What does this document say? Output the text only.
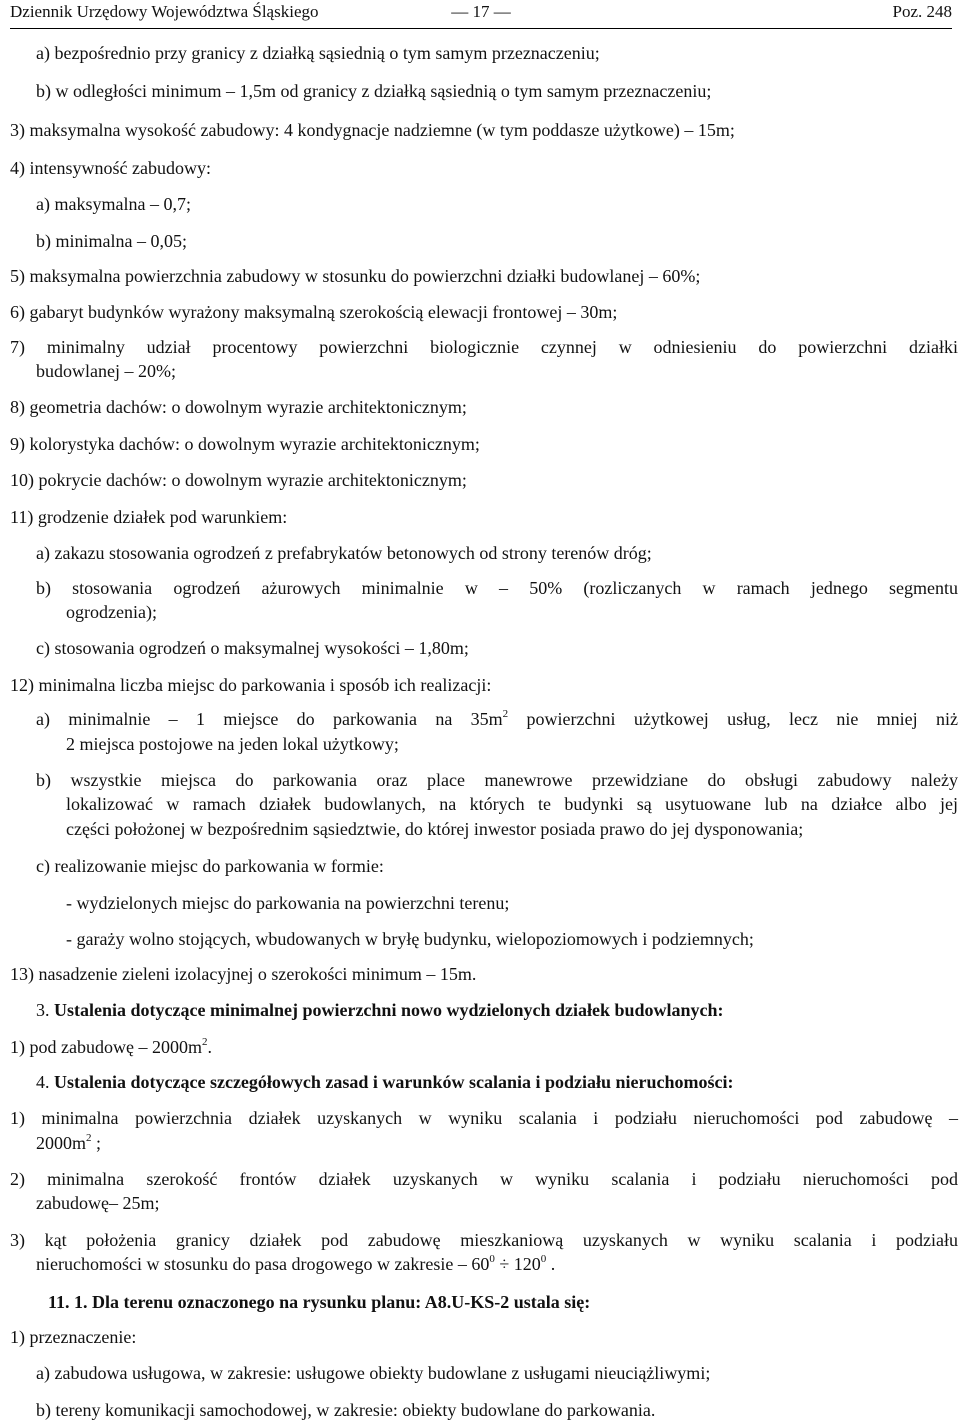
Dziennik Urzędowy Województwa Śląskiego	— 17 —	Poz. 248
a) bezpośrednio przy granicy z działką sąsiednią o tym samym przeznaczeniu;
b) w odległości minimum – 1,5m od granicy z działką sąsiednią o tym samym przeznaczeniu;
3) maksymalna wysokość zabudowy: 4 kondygnacje nadziemne (w tym poddasze użytkowe) – 15m;
4) intensywność zabudowy:
a) maksymalna – 0,7;
b) minimalna – 0,05;
5) maksymalna powierzchnia zabudowy w stosunku do powierzchni działki budowlanej – 60%;
6) gabaryt budynków wyrażony maksymalną szerokością elewacji frontowej – 30m;
7) minimalny udział procentowy powierzchni biologicznie czynnej w odniesieniu do powierzchni działki
budowlanej – 20%;
8) geometria dachów: o dowolnym wyrazie architektonicznym;
9) kolorystyka dachów: o dowolnym wyrazie architektonicznym;
10) pokrycie dachów: o dowolnym wyrazie architektonicznym;
11) grodzenie działek pod warunkiem:
a) zakazu stosowania ogrodzeń z prefabrykatów betonowych od strony terenów dróg;
b) stosowania ogrodzeń ażurowych minimalnie w – 50% (rozliczanych w ramach jednego segmentu
ogrodzenia);
c) stosowania ogrodzeń o maksymalnej wysokości – 1,80m;
12) minimalna liczba miejsc do parkowania i sposób ich realizacji:
a) minimalnie – 1 miejsce do parkowania na $35m^2$ powierzchni użytkowej usług, lecz nie mniej niż
2 miejsca postojowe na jeden lokal użytkowy;
b) wszystkie miejsca do parkowania oraz place manewrowe przewidziane do obsługi zabudowy należy
lokalizować w ramach działek budowlanych, na których te budynki są usytuowane lub na działce albo jej
części położonej w bezpośrednim sąsiedztwie, do której inwestor posiada prawo do jej dysponowania;
c) realizowanie miejsc do parkowania w formie:
- wydzielonych miejsc do parkowania na powierzchni terenu;
- garaży wolno stojących, wbudowanych w bryłę budynku, wielopoziomowych i podziemnych;
13) nasadzenie zieleni izolacyjnej o szerokości minimum – 15m.
3. Ustalenia dotyczące minimalnej powierzchni nowo wydzielonych działek budowlanych:
1) pod zabudowę – $2000m^2$.
4. Ustalenia dotyczące szczegółowych zasad i warunków scalania i podziału nieruchomości:
1) minimalna powierzchnia działek uzyskanych w wyniku scalania i podziału nieruchomości pod zabudowę –
$2000m^2$ ;
2) minimalna szerokość frontów działek uzyskanych w wyniku scalania i podziału nieruchomości pod
zabudowę– 25m;
3) kąt położenia granicy działek pod zabudowę mieszkaniową uzyskanych w wyniku scalania i podziału
nieruchomości w stosunku do pasa drogowego w zakresie – $60^0 \div 120^0$ .
11. 1. Dla terenu oznaczonego na rysunku planu: A8.U-KS-2 ustala się:
1) przeznaczenie:
a) zabudowa usługowa, w zakresie: usługowe obiekty budowlane z usługami nieuciążliwymi;
b) tereny komunikacji samochodowej, w zakresie: obiekty budowlane do parkowania.
